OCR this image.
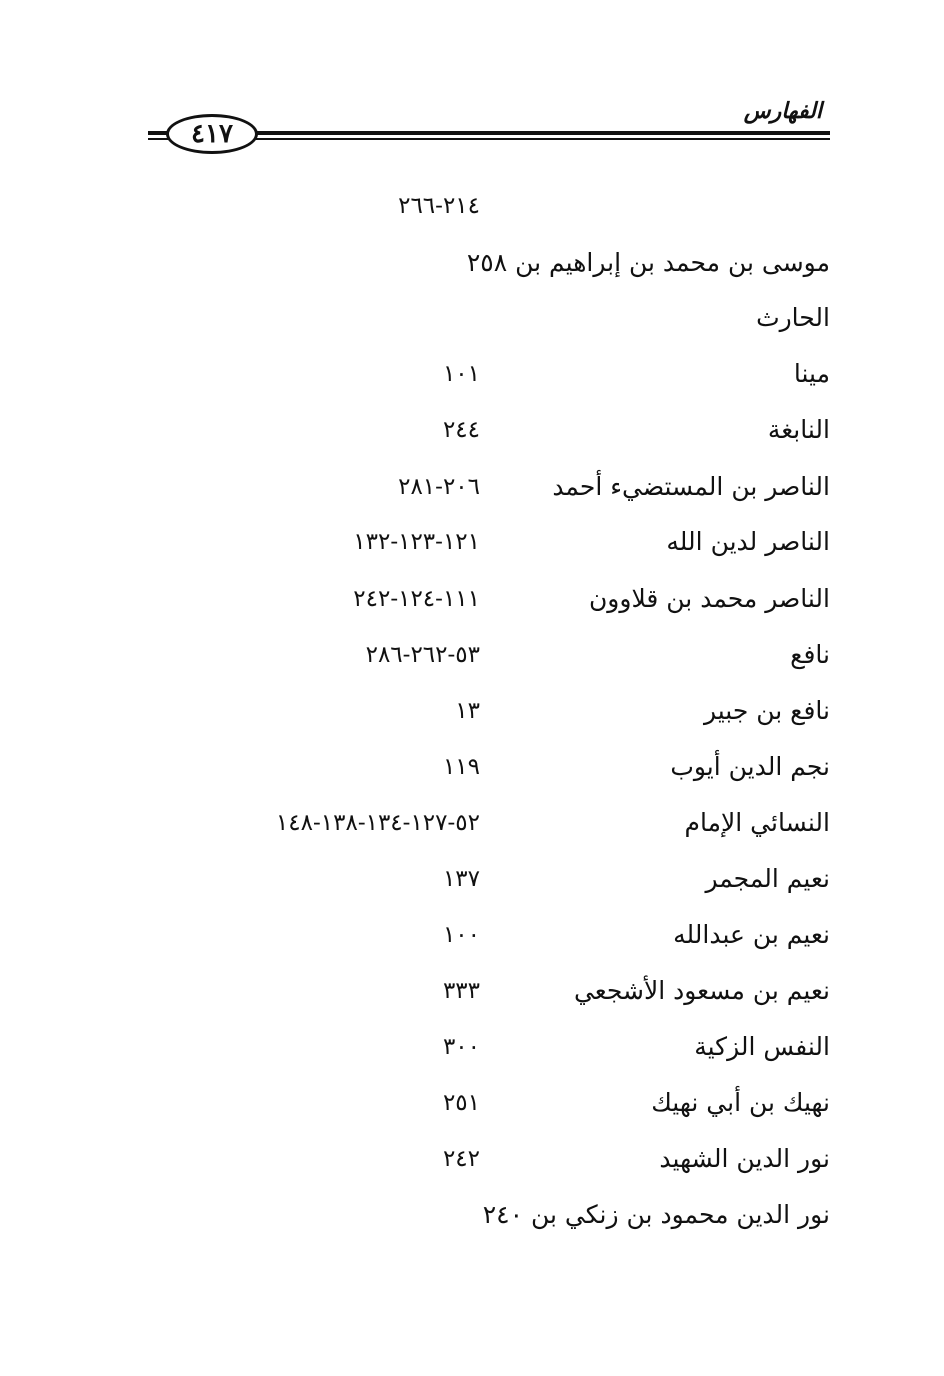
الفهارس
٤١٧
٢١٤-٢٦٦
موسى بن محمد بن إبراهيم بن ٢٥٨
الحارث
مينا
١٠١
النابغة
٢٤٤
الناصر بن المستضيء أحمد
٢٠٦-٢٨١
الناصر لدين الله
١٢١-١٢٣-١٣٢
الناصر محمد بن قلاوون
١١١-١٢٤-٢٤٢
نافع
٥٣-٢٦٢-٢٨٦
نافع بن جبير
١٣
نجم الدين أيوب
١١٩
النسائي الإمام
٥٢-١٢٧-١٣٤-١٣٨-١٤٨
نعيم المجمر
١٣٧
نعيم بن عبدالله
١٠٠
نعيم بن مسعود الأشجعي
٣٣٣
النفس الزكية
٣٠٠
نهيك بن أبي نهيك
٢٥١
نور الدين الشهيد
٢٤٢
نور الدين محمود بن زنكي بن ٢٤٠
